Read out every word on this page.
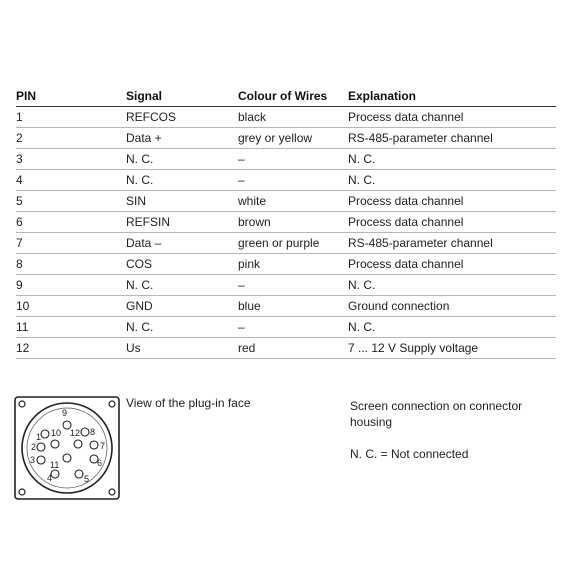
PIN	Signal	Colour of Wires	Explanation
1	REFCOS	black	Process data channel
2	Data +	grey or yellow	RS-485-parameter channel
3	N. C.	–	N. C.
4	N. C.	–	N. C.
5	SIN	white	Process data channel
6	REFSIN	brown	Process data channel
7	Data –	green or purple	RS-485-parameter channel
8	COS	pink	Process data channel
9	N. C.	–	N. C.
10	GND	blue	Ground connection
11	N. C.	–	N. C.
12	Us	red	7 ... 12 V Supply voltage
1
2
3
4	5
6
7
8
9
10
11
12
View of the plug-in face	Screen connection on connector housing
N. C. = Not connected
